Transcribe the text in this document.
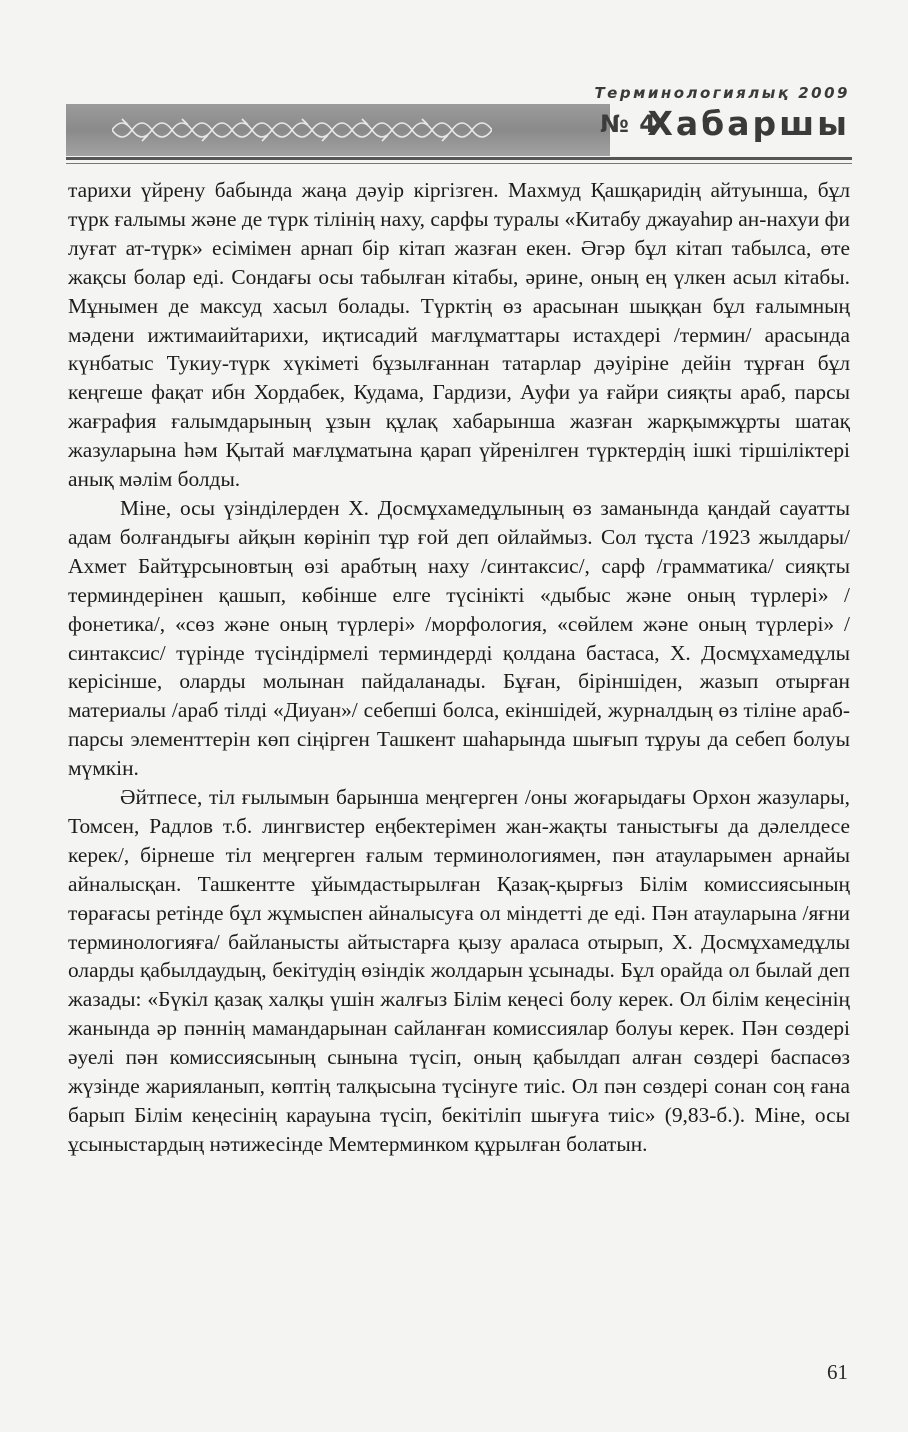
Терминологиялық 2009
№ 4
Хабаршы

тарихи үйрену бабында жаңа дәуір кіргізген. Махмуд Қашқаридің айтуынша, бұл түрк ғалымы және де түрк тілінің наху, сарфы туралы «Китабу джауаһир ан-нахуи фи луғат ат-түрк» есімімен арнап бір кітап жазған екен. Әгәр бұл кітап табылса, өте жақсы болар еді. Сондағы осы табылған кітабы, әрине, оның ең үлкен асыл кітабы. Мұнымен де максуд хасыл болады. Түрктің өз арасынан шыққан бұл ғалымның мәдени ижтимаийтарихи, иқтисадий мағлұматтары истахдері /термин/ арасында күнбатыс Тукиу-түрк хүкіметі бұзылғаннан татарлар дәуіріне дейін тұрған бұл кеңгеше фақат ибн Хордабек, Кудама, Гардизи, Ауфи уа ғайри сияқты араб, парсы жағрафия ғалымдарының ұзын құлақ хабарынша жазған жарқымжұрты шатақ жазуларына һәм Қытай мағлұматына қарап үйренілген түрктердің ішкі тіршіліктері анық мәлім болды.

Міне, осы үзінділерден Х. Досмұхамедұлының өз заманында қандай сауатты адам болғандығы айқын көрініп тұр ғой деп ойлаймыз. Сол тұста /1923 жылдары/ Ахмет Байтұрсыновтың өзі арабтың наху /синтаксис/, сарф /грамматика/ сияқты терминдерінен қашып, көбінше елге түсінікті «дыбыс және оның түрлері» /фонетика/, «сөз және оның түрлері» /морфология, «сөйлем және оның түрлері» /синтаксис/ түрінде түсіндірмелі терминдерді қолдана бастаса, Х. Досмұхамедұлы керісінше, оларды молынан пайдаланады. Бұған, біріншіден, жазып отырған материалы /араб тілді «Диуан»/ себепші болса, екіншідей, журналдың өз тіліне араб-парсы элементтерін көп сіңірген Ташкент шаһарында шығып тұруы да себеп болуы мүмкін.

Әйтпесе, тіл ғылымын барынша меңгерген /оны жоғарыдағы Орхон жазулары, Томсен, Радлов т.б. лингвистер еңбектерімен жан-жақты таныстығы да дәлелдесе керек/, бірнеше тіл меңгерген ғалым терминологиямен, пән атауларымен арнайы айналысқан. Ташкентте ұйымдастырылған Қазақ-қырғыз Білім комиссиясының төрағасы ретінде бұл жұмыспен айналысуға ол міндетті де еді. Пән атауларына /яғни терминологияға/ байланысты айтыстарға қызу араласа отырып, Х. Досмұхамедұлы оларды қабылдаудың, бекітудің өзіндік жолдарын ұсынады. Бұл орайда ол былай деп жазады: «Бүкіл қазақ халқы үшін жалғыз Білім кеңесі болу керек. Ол білім кеңесінің жанында әр пәннің мамандарынан сайланған комиссиялар болуы керек. Пән сөздері әуелі пән комиссиясының сынына түсіп, оның қабылдап алған сөздері баспасөз жүзінде жарияланып, көптің талқысына түсінуге тиіс. Ол пән сөздері сонан соң ғана барып Білім кеңесінің карауына түсіп, бекітіліп шығуға тиіс» (9,83-б.). Міне, осы ұсыныстардың нәтижесінде Мемтерминком құрылған болатын.

61
